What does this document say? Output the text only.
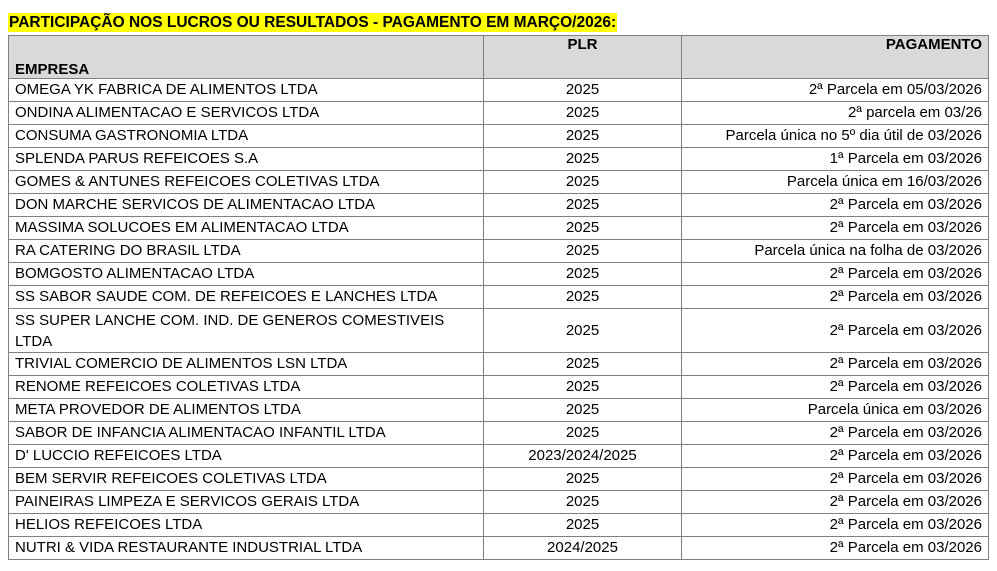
PARTICIPAÇÃO NOS LUCROS OU RESULTADOS - PAGAMENTO EM MARÇO/2026:
EMPRESA	PLR	PAGAMENTO
OMEGA YK FABRICA DE ALIMENTOS LTDA	2025	2ª Parcela em 05/03/2026
ONDINA ALIMENTACAO E SERVICOS LTDA	2025	2ª parcela em 03/26
CONSUMA GASTRONOMIA LTDA	2025	Parcela única no 5º dia útil de 03/2026
SPLENDA PARUS REFEICOES S.A	2025	1ª Parcela em 03/2026
GOMES & ANTUNES REFEICOES COLETIVAS LTDA	2025	Parcela única em 16/03/2026
DON MARCHE SERVICOS DE ALIMENTACAO LTDA	2025	2ª Parcela em 03/2026
MASSIMA SOLUCOES EM ALIMENTACAO LTDA	2025	2ª Parcela em 03/2026
RA CATERING DO BRASIL LTDA	2025	Parcela única na folha de 03/2026
BOMGOSTO ALIMENTACAO LTDA	2025	2ª Parcela em 03/2026
SS SABOR SAUDE COM. DE REFEICOES E LANCHES LTDA	2025	2ª Parcela em 03/2026
SS SUPER LANCHE COM. IND. DE GENEROS COMESTIVEIS LTDA	2025	2ª Parcela em 03/2026
TRIVIAL COMERCIO DE ALIMENTOS LSN LTDA	2025	2ª Parcela em 03/2026
RENOME REFEICOES COLETIVAS LTDA	2025	2ª Parcela em 03/2026
META PROVEDOR DE ALIMENTOS LTDA	2025	Parcela única em 03/2026
SABOR DE INFANCIA ALIMENTACAO INFANTIL LTDA	2025	2ª Parcela em 03/2026
D' LUCCIO REFEICOES LTDA	2023/2024/2025	2ª Parcela em 03/2026
BEM SERVIR REFEICOES COLETIVAS LTDA	2025	2ª Parcela em 03/2026
PAINEIRAS LIMPEZA E SERVICOS GERAIS LTDA	2025	2ª Parcela em 03/2026
HELIOS REFEICOES LTDA	2025	2ª Parcela em 03/2026
NUTRI & VIDA RESTAURANTE INDUSTRIAL LTDA	2024/2025	2ª Parcela em 03/2026
